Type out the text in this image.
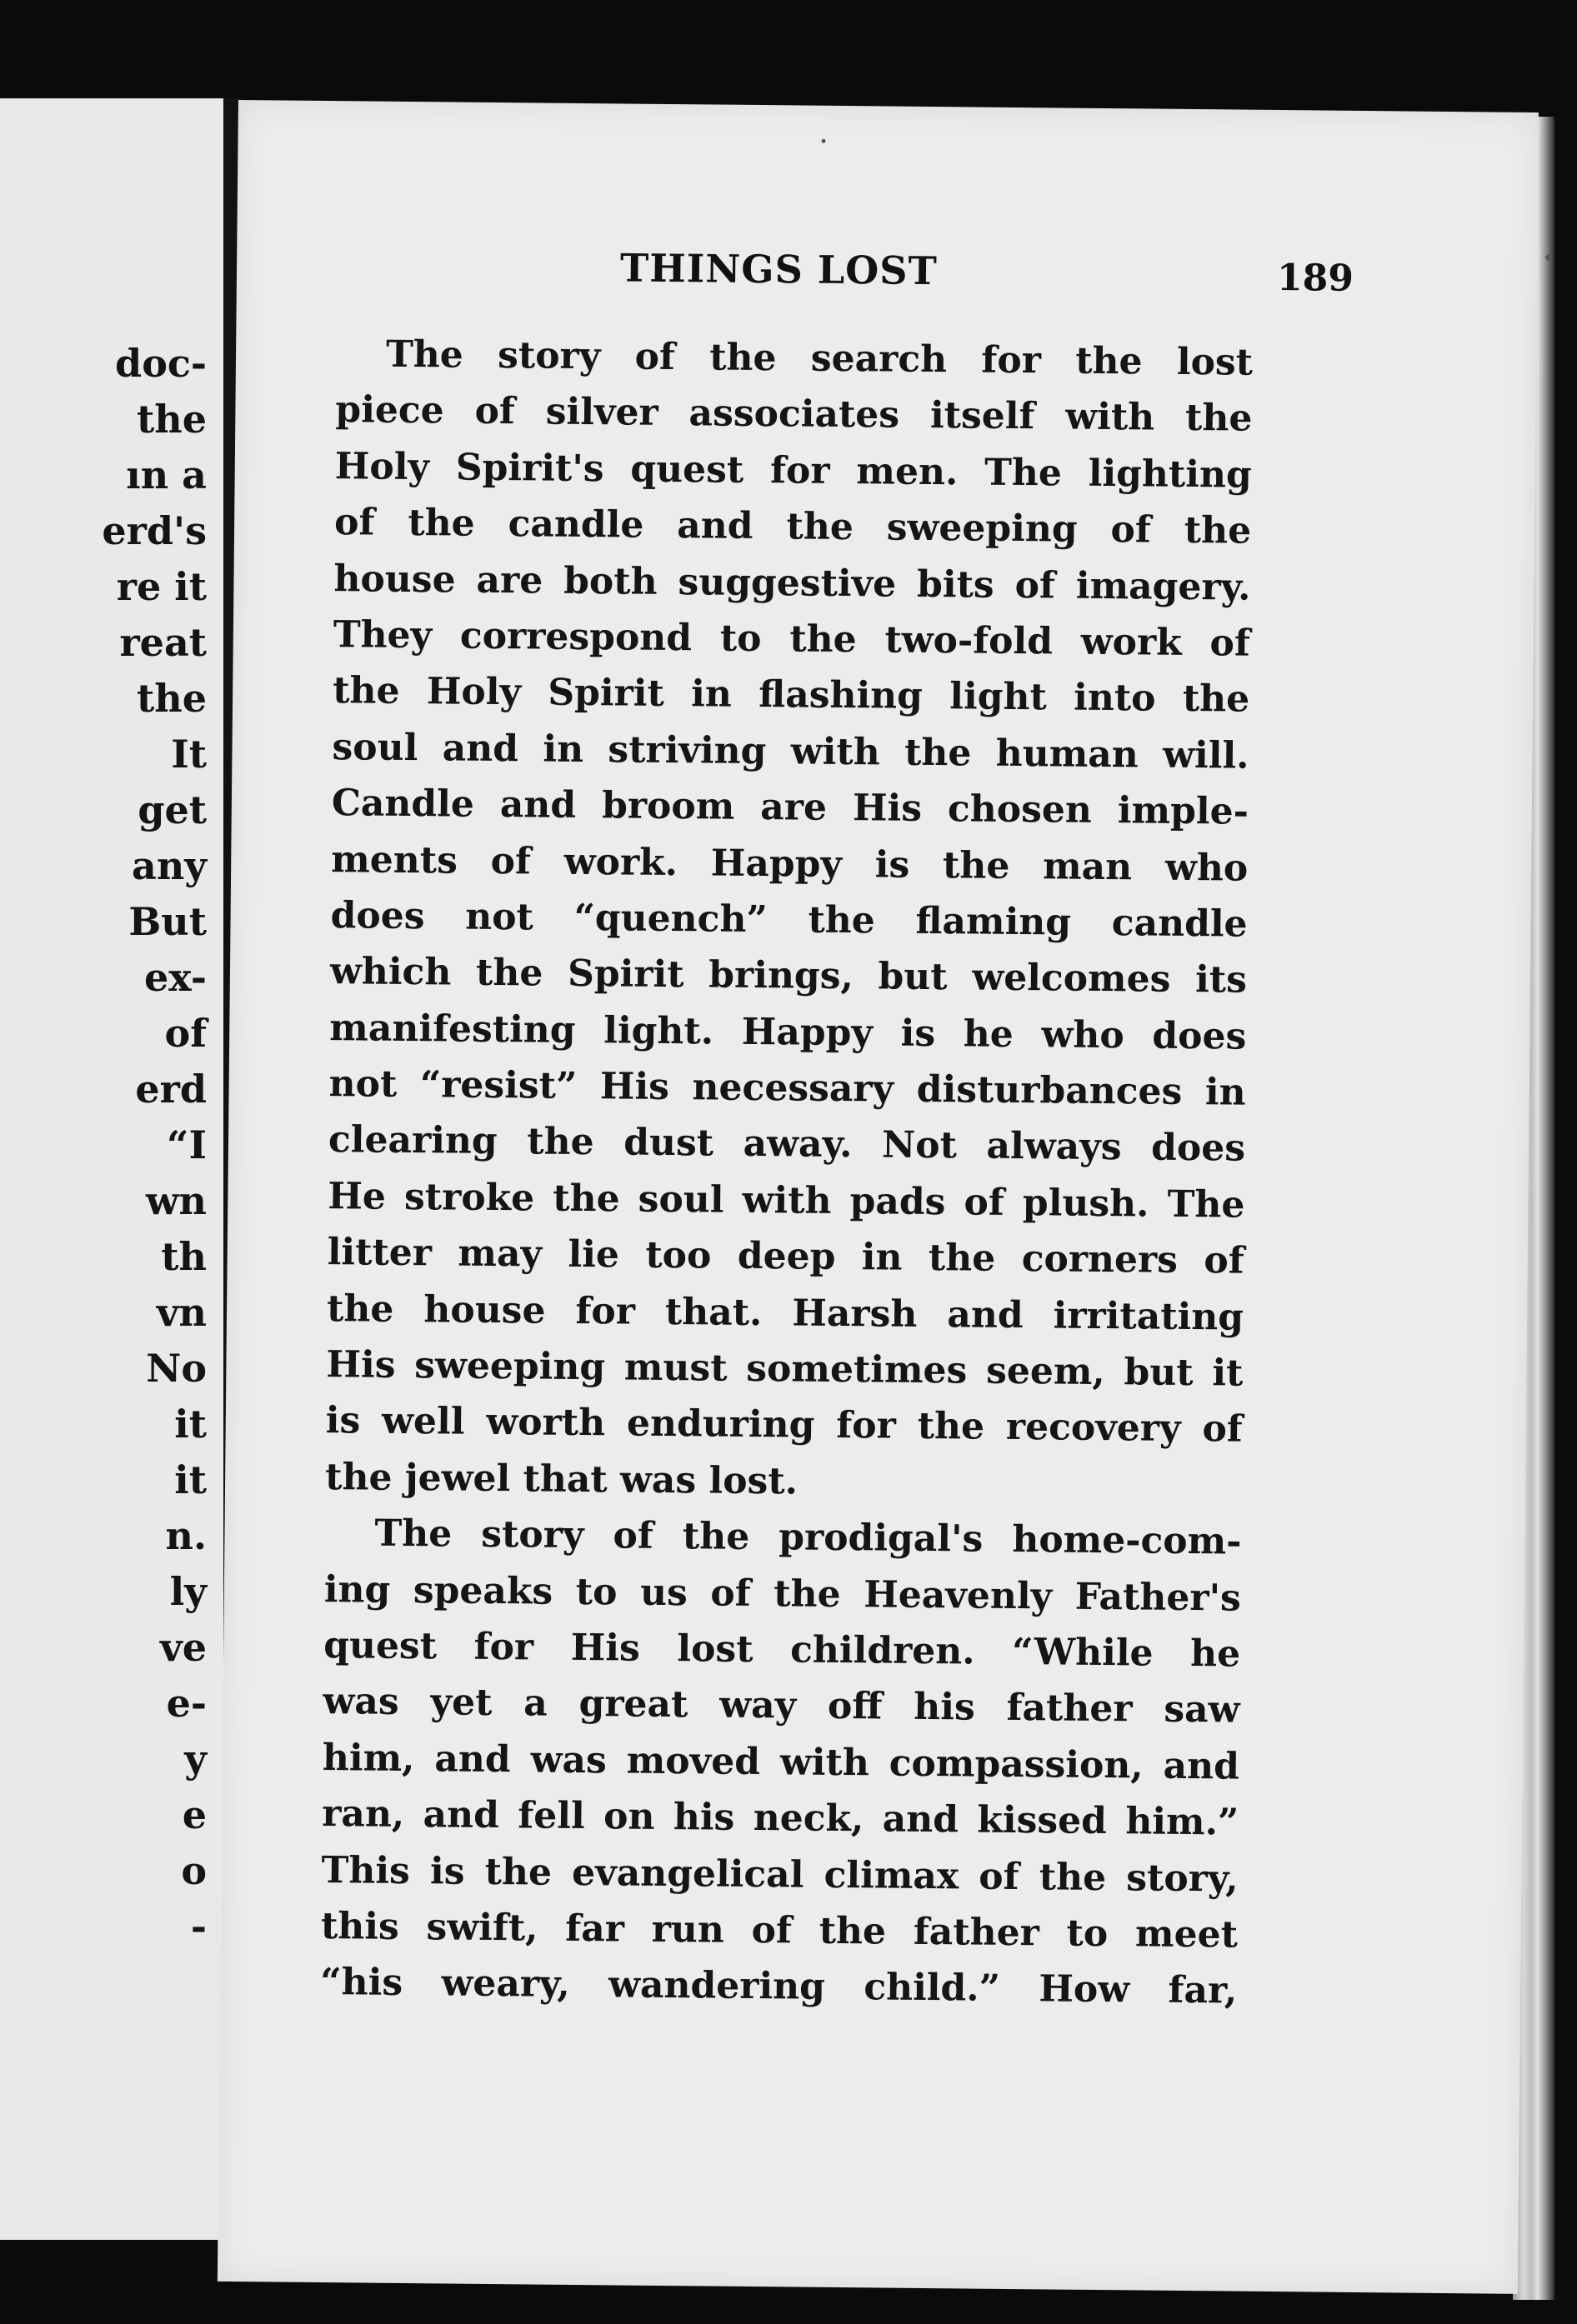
doc-
the
ın a
erd's
re it
reat
the
It
get
any
But
ex-
of
erd
“I
wn
th
vn
No
it
it
n.
ly
ve
e-
y
e
o
-
THINGS LOST	189
The story of the search for the lost
piece of silver associates itself with the
Holy Spirit's quest for men. The lighting
of the candle and the sweeping of the
house are both suggestive bits of imagery.
They correspond to the two-fold work of
the Holy Spirit in flashing light into the
soul and in striving with the human will.
Candle and broom are His chosen imple-
ments of work. Happy is the man who
does not “quench” the flaming candle
which the Spirit brings, but welcomes its
manifesting light. Happy is he who does
not “resist” His necessary disturbances in
clearing the dust away. Not always does
He stroke the soul with pads of plush. The
litter may lie too deep in the corners of
the house for that. Harsh and irritating
His sweeping must sometimes seem, but it
is well worth enduring for the recovery of
the jewel that was lost.
The story of the prodigal's home-com-
ing speaks to us of the Heavenly Father's
quest for His lost children. “While he
was yet a great way off his father saw
him, and was moved with compassion, and
ran, and fell on his neck, and kissed him.”
This is the evangelical climax of the story,
this swift, far run of the father to meet
“his weary, wandering child.” How far,
